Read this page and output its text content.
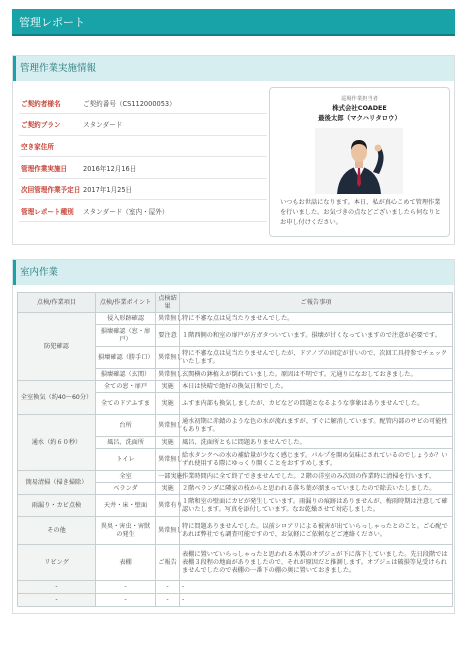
管理レポート
管理作業実施情報
ご契約者様名	ご契約番号（CS112000053）
ご契約プラン	スタンダード
空き家住所	
管理作業実施日	2016年12月16日
次回管理作業予定日	2017年1月25日
管理レポート種別	スタンダード（室内・屋外）
巡場作業担当者
株式会社COADEE
最後太郎（マクハリタロウ）
いつもお世話になります。本日、私が真心こめて管理作業を行いました。お気づきの点などございましたら何なりとお申し付けください。
室内作業
点検/作業項目	点検/作業ポイント	点検結果	ご報告事項
防犯確認	侵入形跡確認	異常無し	特に不審な点は見当たりませんでした。
	損壊確認（窓・扉戸）	要注意	１階西側の和室の扉戸が方ガタついています。損壊が甘くなっていますので注意が必要です。
	損壊確認（勝手口）	異常無し	特に不審な点は見当たりませんでしたが、ドアノブの固定が甘いので、次回工具持参でチェックいたします。
	損壊確認（玄関）	異常無し	玄関横の鉢植えが倒れていました。原因は不明です。元通りになおしておきました。
全室換気（約40～60分）	全ての窓・扉戸	実施	本日は快晴で絶好の換気日和でした。
	全てのドアふすま	実施	ふすま内部も換気しましたが、カビなどの問題となるような事象はありませんでした。
通水（約６０秒）	台所	異常無し	通水初期に赤錆のような色の水が流れますが、すぐに解消しています。配管内部のサビの可能性もあります。
	風呂、洗面所	実施	風呂、洗面所ともに問題ありませんでした。
	トイレ	異常無し	給水タンクへの水の補給量が少なく感じます。パルプを開め気味にされているのでしょうか？いずれ使用する際にゆっくり開くことをおすすめします。
簡易清掃（掃き掃除）	全室	一部実施	作業時間内に全て終了できませんでした。２階の洋室のみ次回の作業時に清掃を行います。
	ベランダ	実施	２階ベランダに隣家の枝からと思われる落ち葉が溜まっていましたので除去いたしました。
雨漏り・カビ点検	天井・床・壁面	異常有り	１階和室の壁面にカビが発生しています。雨漏りの痕跡はありませんが、梅雨時期は注意して確認いたします。写真を添付しています。なお乾燥させて対応しました。
その他	異臭・害虫・害獣の発生	異常無し	特に問題ありませんでした。以前シロアリによる被害が出ていらっしゃったとのこと。ご心配であれば弊社でも調査可能ですので、お気軽にご依頼などご連絡ください。
リビング	表棚	ご報告	表棚に置いていらっしゃったと思われる木製のオブジェが下に落下していました。先日段階では表棚３段程の地面がありましたので、それが原因だと推測します。オブジェは破損等見受けられませんでしたので表棚の一番下の棚の奥に置いておきました。
-	-	-	-
-	-	-	-
